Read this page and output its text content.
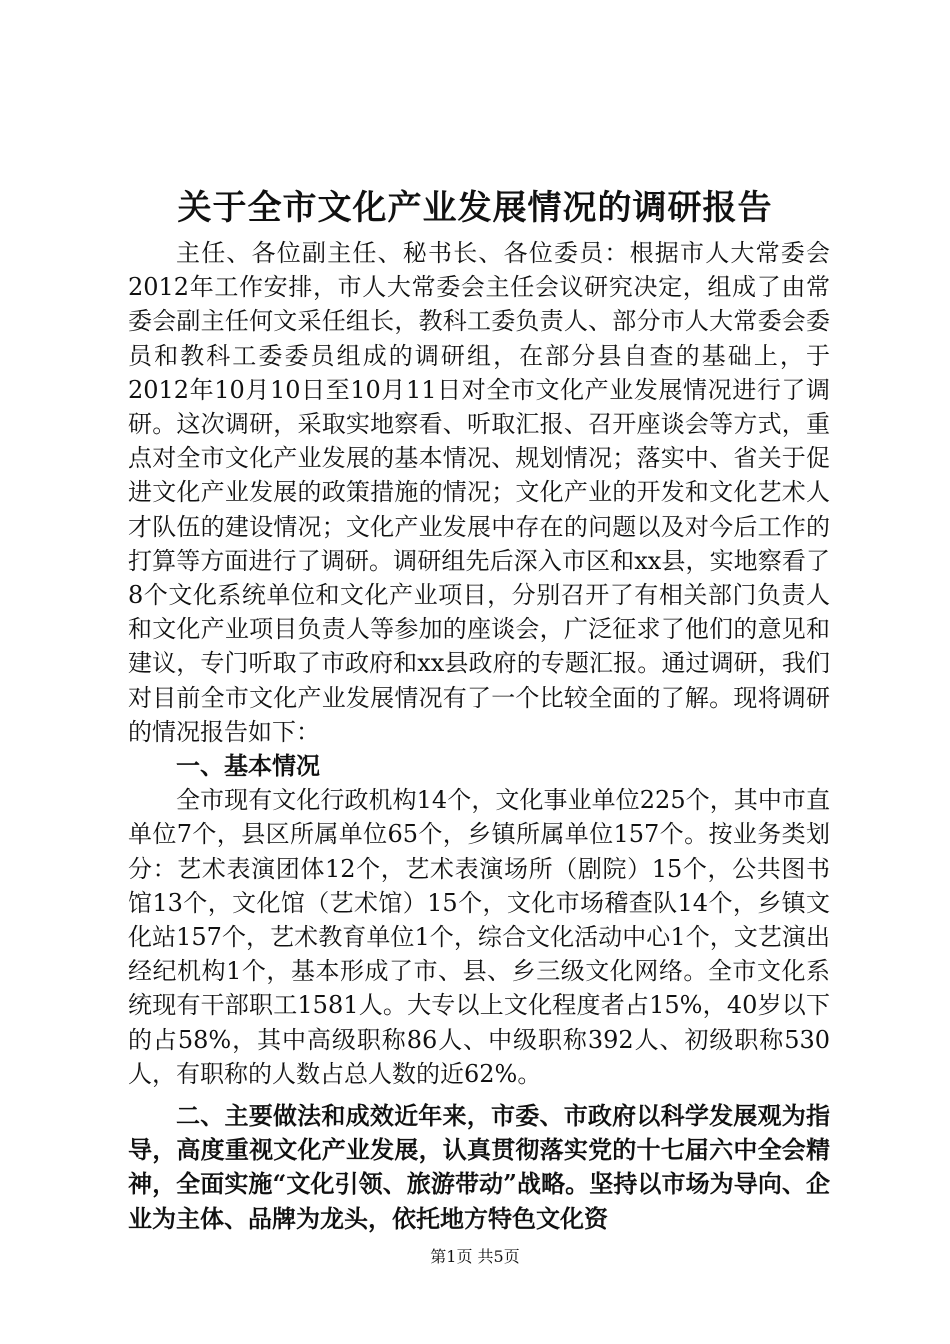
关于全市文化产业发展情况的调研报告

主任、各位副主任、秘书长、各位委员：根据市人大常委会2012年工作安排，市人大常委会主任会议研究决定，组成了由常委会副主任何文采任组长，教科工委负责人、部分市人大常委会委员和教科工委委员组成的调研组，在部分县自查的基础上，于2012年10月10日至10月11日对全市文化产业发展情况进行了调研。这次调研，采取实地察看、听取汇报、召开座谈会等方式，重点对全市文化产业发展的基本情况、规划情况；落实中、省关于促进文化产业发展的政策措施的情况；文化产业的开发和文化艺术人才队伍的建设情况；文化产业发展中存在的问题以及对今后工作的打算等方面进行了调研。调研组先后深入市区和xx县，实地察看了8个文化系统单位和文化产业项目，分别召开了有相关部门负责人和文化产业项目负责人等参加的座谈会，广泛征求了他们的意见和建议，专门听取了市政府和xx县政府的专题汇报。通过调研，我们对目前全市文化产业发展情况有了一个比较全面的了解。现将调研的情况报告如下：

一、基本情况

全市现有文化行政机构14个，文化事业单位225个，其中市直单位7个，县区所属单位65个，乡镇所属单位157个。按业务类划分：艺术表演团体12个，艺术表演场所（剧院）15个，公共图书馆13个，文化馆（艺术馆）15个，文化市场稽查队14个，乡镇文化站157个，艺术教育单位1个，综合文化活动中心1个，文艺演出经纪机构1个，基本形成了市、县、乡三级文化网络。全市文化系统现有干部职工1581人。大专以上文化程度者占15%，40岁以下的占58%，其中高级职称86人、中级职称392人、初级职称530人，有职称的人数占总人数的近62%。

二、主要做法和成效近年来，市委、市政府以科学发展观为指导，高度重视文化产业发展，认真贯彻落实党的十七届六中全会精神，全面实施“文化引领、旅游带动”战略。坚持以市场为导向、企业为主体、品牌为龙头，依托地方特色文化资

第1页 共5页
